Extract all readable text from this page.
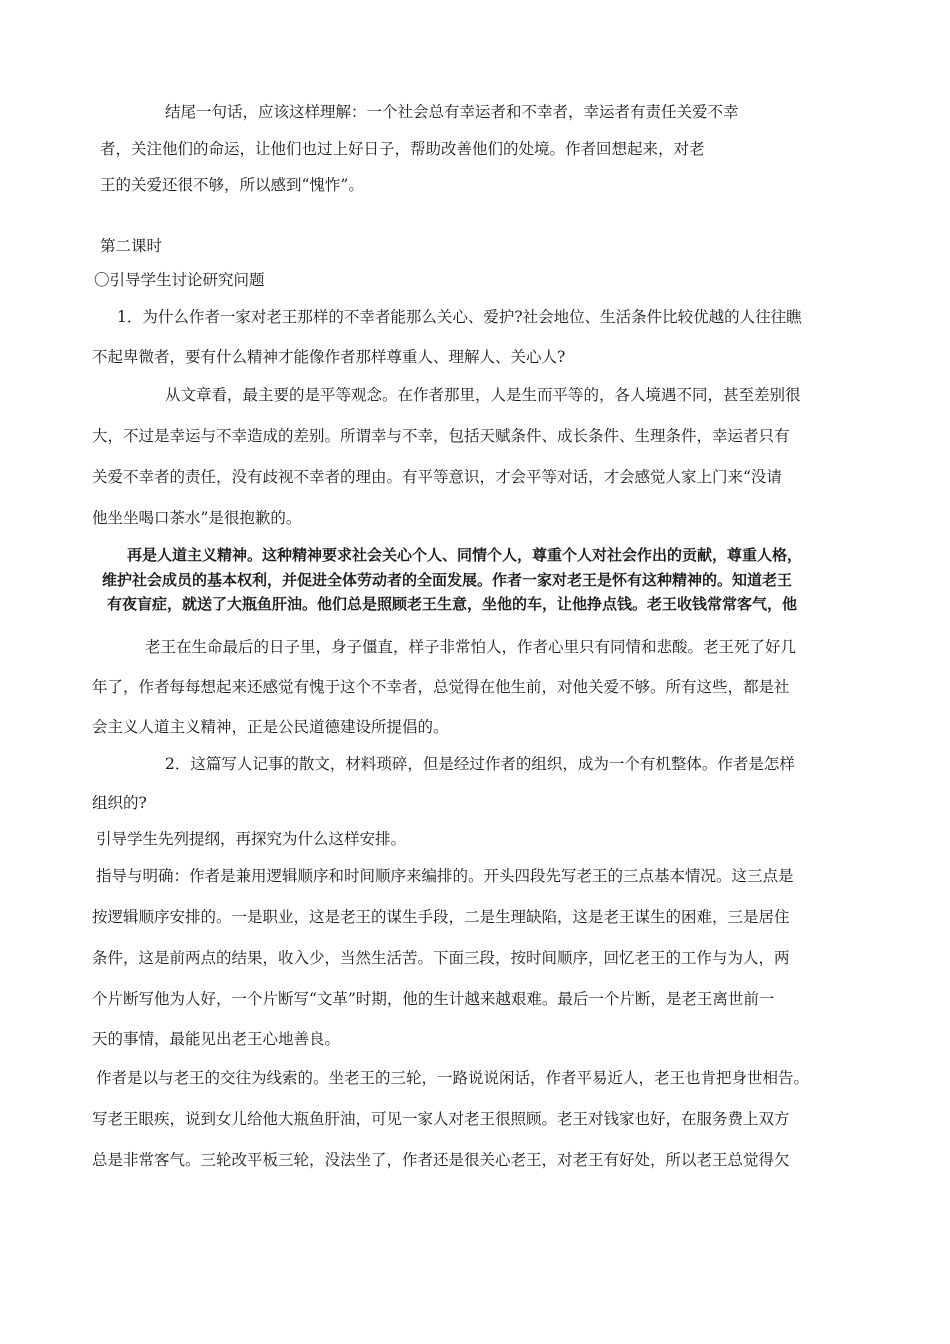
结尾一句话，应该这样理解：一个社会总有幸运者和不幸者，幸运者有责任关爱不幸
者，关注他们的命运，让他们也过上好日子，帮助改善他们的处境。作者回想起来，对老
王的关爱还很不够，所以感到“愧怍”。
第二课时
〇引导学生讨论研究问题
1．为什么作者一家对老王那样的不幸者能那么关心、爱护?社会地位、生活条件比较优越的人往往瞧
不起卑微者，要有什么精神才能像作者那样尊重人、理解人、关心人?
从文章看，最主要的是平等观念。在作者那里，人是生而平等的，各人境遇不同，甚至差别很
大，不过是幸运与不幸造成的差别。所谓幸与不幸，包括天赋条件、成长条件、生理条件，幸运者只有
关爱不幸者的责任，没有歧视不幸者的理由。有平等意识，才会平等对话，才会感觉人家上门来“没请
他坐坐喝口茶水”是很抱歉的。
再是人道主义精神。这种精神要求社会关心个人、同情个人，尊重个人对社会作出的贡献，尊重人格，
维护社会成员的基本权利，并促进全体劳动者的全面发展。作者一家对老王是怀有这种精神的。知道老王
有夜盲症，就送了大瓶鱼肝油。他们总是照顾老王生意，坐他的车，让他挣点钱。老王收钱常常客气，他
老王在生命最后的日子里，身子僵直，样子非常怕人，作者心里只有同情和悲酸。老王死了好几
年了，作者每每想起来还感觉有愧于这个不幸者，总觉得在他生前，对他关爱不够。所有这些，都是社
会主义人道主义精神，正是公民道德建设所提倡的。
2．这篇写人记事的散文，材料琐碎，但是经过作者的组织，成为一个有机整体。作者是怎样
组织的?
引导学生先列提纲，再探究为什么这样安排。
指导与明确：作者是兼用逻辑顺序和时间顺序来编排的。开头四段先写老王的三点基本情况。这三点是
按逻辑顺序安排的。一是职业，这是老王的谋生手段，二是生理缺陷，这是老王谋生的困难，三是居住
条件，这是前两点的结果，收入少，当然生活苦。下面三段，按时间顺序，回忆老王的工作与为人，两
个片断写他为人好，一个片断写“文革”时期，他的生计越来越艰难。最后一个片断，是老王离世前一
天的事情，最能见出老王心地善良。
作者是以与老王的交往为线索的。坐老王的三轮，一路说说闲话，作者平易近人，老王也肯把身世相告。
写老王眼疾，说到女儿给他大瓶鱼肝油，可见一家人对老王很照顾。老王对钱家也好，在服务费上双方
总是非常客气。三轮改平板三轮，没法坐了，作者还是很关心老王，对老王有好处，所以老王总觉得欠
